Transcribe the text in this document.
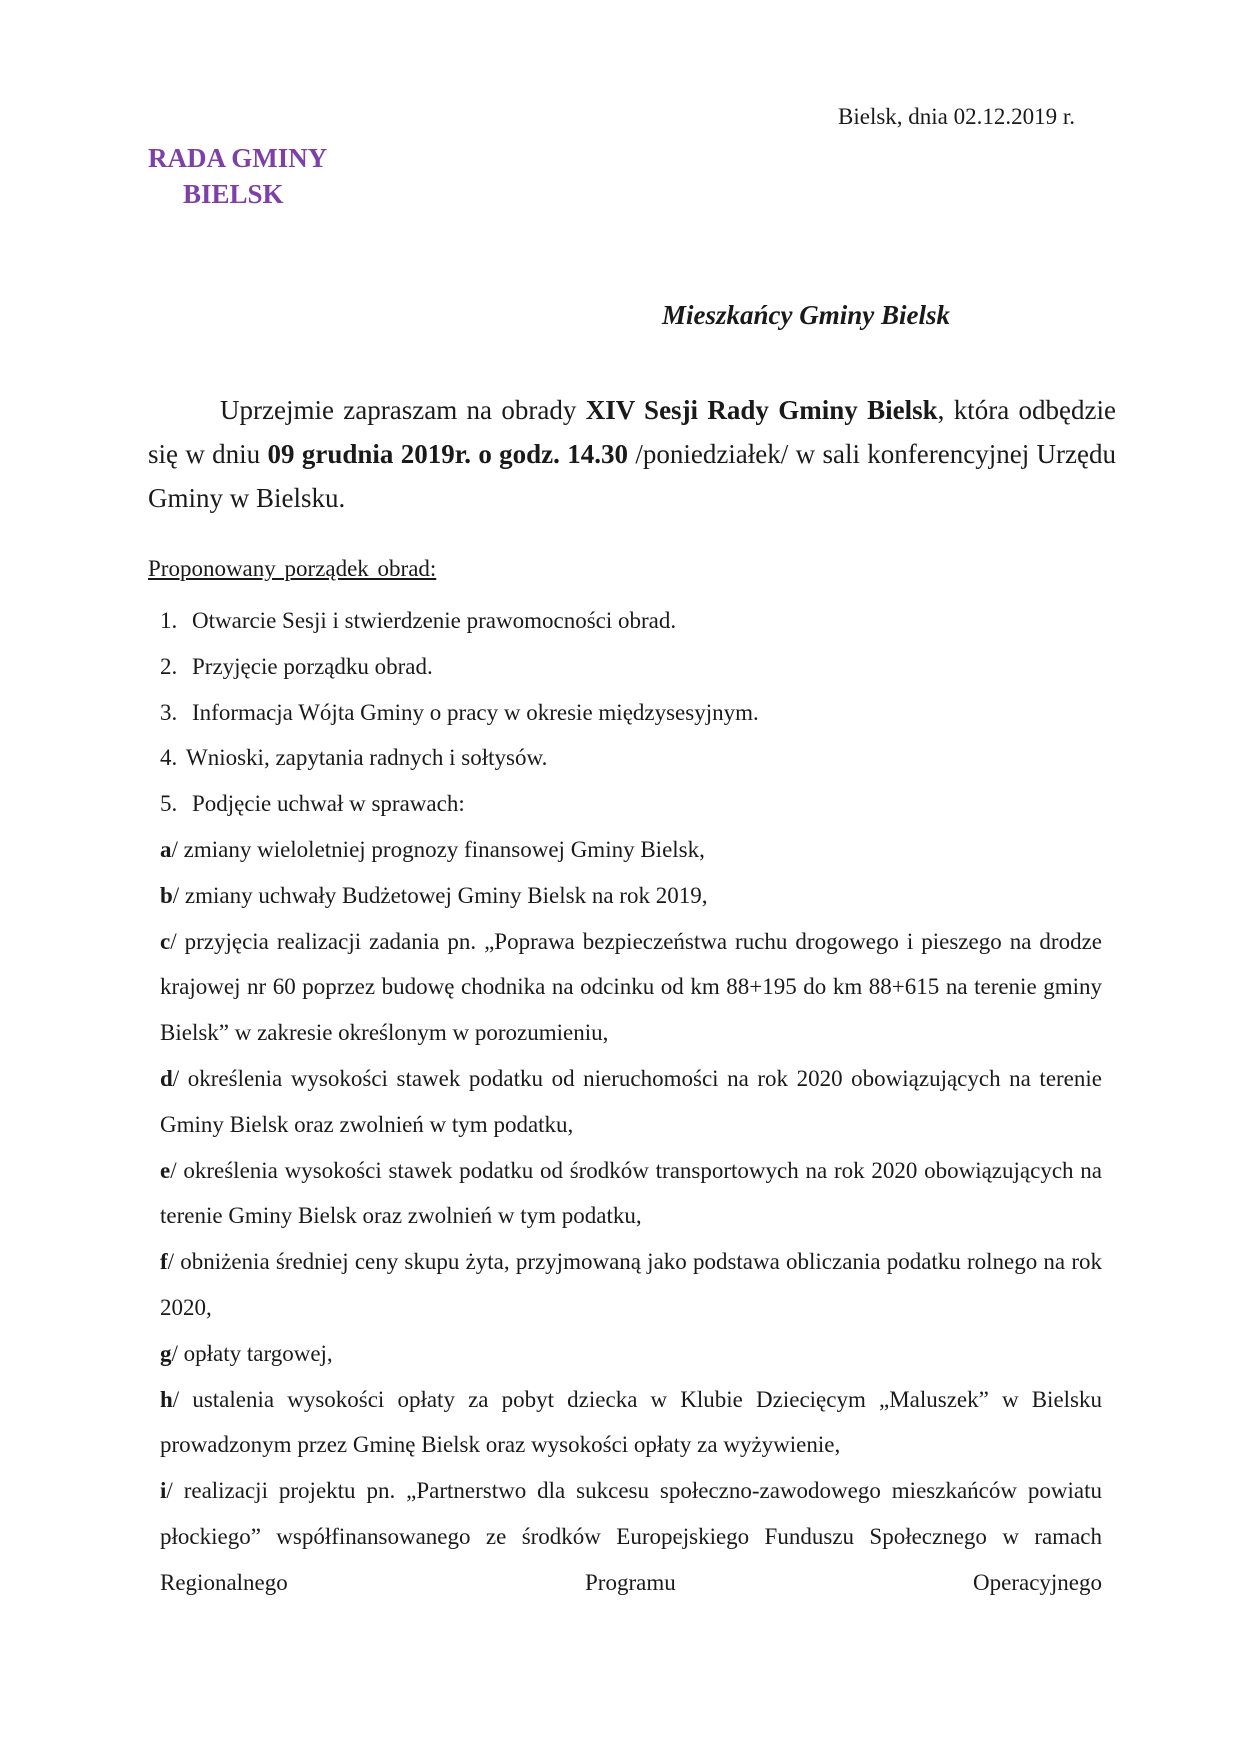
RADA GMINY
BIELSK
Bielsk, dnia 02.12.2019 r.
Mieszkańcy Gminy Bielsk
Uprzejmie zapraszam na obrady XIV Sesji Rady Gminy Bielsk, która odbędzie się w dniu 09 grudnia 2019r. o godz. 14.30 /poniedziałek/ w sali konferencyjnej Urzędu Gminy w Bielsku.
Proponowany porządek obrad:
1. Otwarcie Sesji i stwierdzenie prawomocności obrad.
2. Przyjęcie porządku obrad.
3. Informacja Wójta Gminy o pracy w okresie międzysesyjnym.
4. Wnioski, zapytania radnych i sołtysów.
5. Podjęcie uchwał w sprawach:
a/ zmiany wieloletniej prognozy finansowej Gminy Bielsk,
b/ zmiany uchwały Budżetowej Gminy Bielsk na rok 2019,
c/ przyjęcia realizacji zadania pn. „Poprawa bezpieczeństwa ruchu drogowego i pieszego na drodze krajowej nr 60 poprzez budowę chodnika na odcinku od km 88+195 do km 88+615 na terenie gminy Bielsk” w zakresie określonym w porozumieniu,
d/ określenia wysokości stawek podatku od nieruchomości na rok 2020 obowiązujących na terenie Gminy Bielsk oraz zwolnień w tym podatku,
e/ określenia wysokości stawek podatku od środków transportowych na rok 2020 obowiązujących na terenie Gminy Bielsk oraz zwolnień w tym podatku,
f/ obniżenia średniej ceny skupu żyta, przyjmowaną jako podstawa obliczania podatku rolnego na rok 2020,
g/ opłaty targowej,
h/ ustalenia wysokości opłaty za pobyt dziecka w Klubie Dziecięcym „Maluszek” w Bielsku prowadzonym przez Gminę Bielsk oraz wysokości opłaty za wyżywienie,
i/ realizacji projektu pn. „Partnerstwo dla sukcesu społeczno-zawodowego mieszkańców powiatu płockiego” współfinansowanego ze środków Europejskiego Funduszu Społecznego w ramach Regionalnego Programu Operacyjnego
